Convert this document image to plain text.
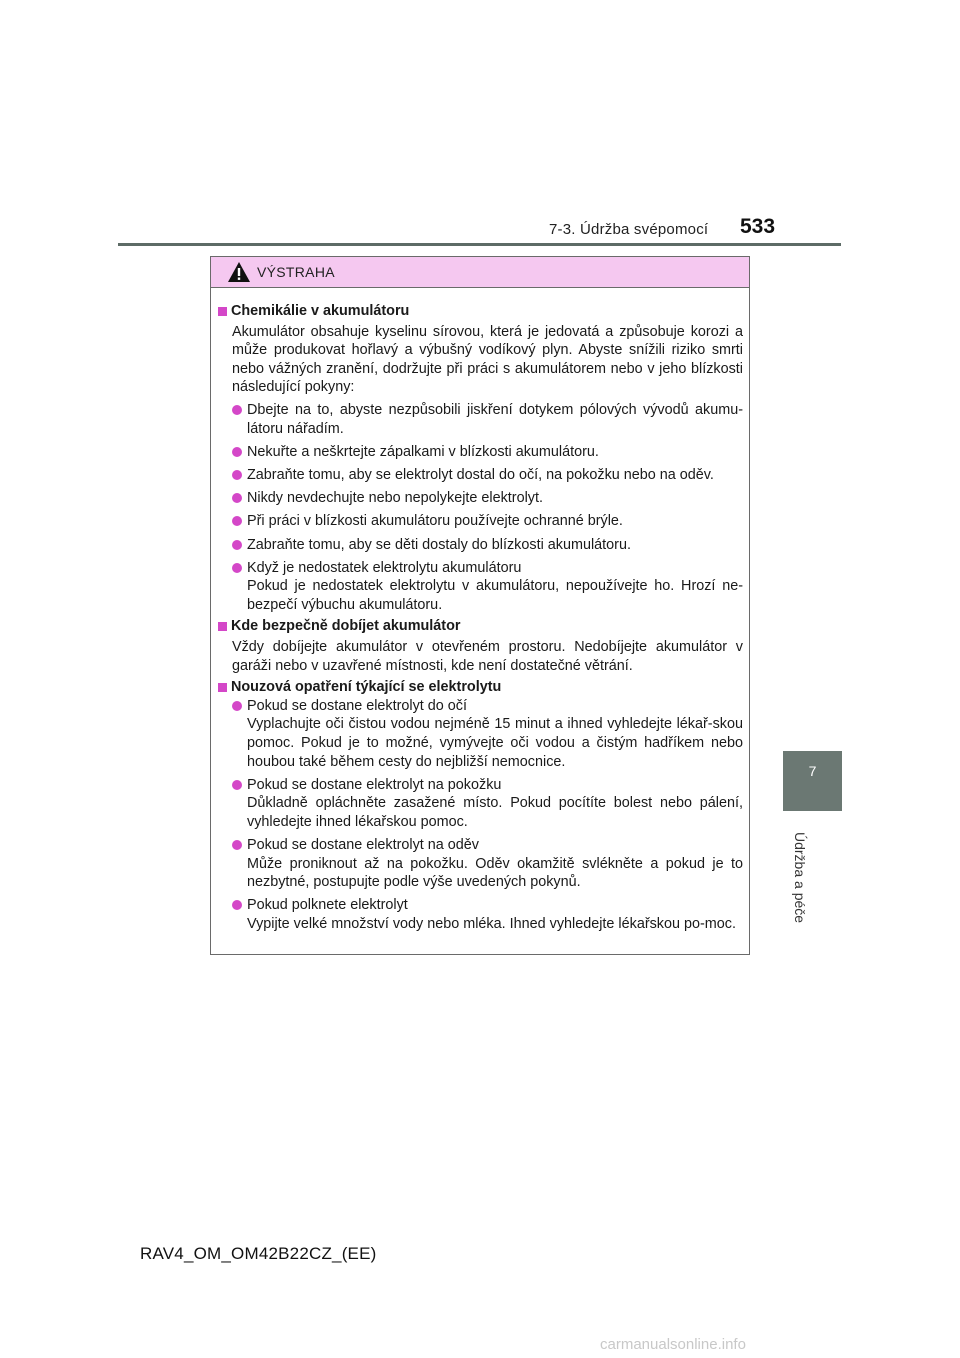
7-3. Údržba svépomocí 533
7
Údržba a péče
VÝSTRAHA
Chemikálie v akumulátoru
Akumulátor obsahuje kyselinu sírovou, která je jedovatá a způsobuje korozi a může produkovat hořlavý a výbušný vodíkový plyn. Abyste snížili riziko smrti nebo vážných zranění, dodržujte při práci s akumulátorem nebo v jeho blízkosti následující pokyny:
Dbejte na to, abyste nezpůsobili jiskření dotykem pólových vývodů akumu-látoru nářadím.
Nekuřte a neškrtejte zápalkami v blízkosti akumulátoru.
Zabraňte tomu, aby se elektrolyt dostal do očí, na pokožku nebo na oděv.
Nikdy nevdechujte nebo nepolykejte elektrolyt.
Při práci v blízkosti akumulátoru používejte ochranné brýle.
Zabraňte tomu, aby se děti dostaly do blízkosti akumulátoru.
Když je nedostatek elektrolytu akumulátoru
Pokud je nedostatek elektrolytu v akumulátoru, nepoužívejte ho. Hrozí ne-bezpečí výbuchu akumulátoru.
Kde bezpečně dobíjet akumulátor
Vždy dobíjejte akumulátor v otevřeném prostoru. Nedobíjejte akumulátor v garáži nebo v uzavřené místnosti, kde není dostatečné větrání.
Nouzová opatření týkající se elektrolytu
Pokud se dostane elektrolyt do očí
Vyplachujte oči čistou vodou nejméně 15 minut a ihned vyhledejte lékař-skou pomoc. Pokud je to možné, vymývejte oči vodou a čistým hadříkem nebo houbou také během cesty do nejbližší nemocnice.
Pokud se dostane elektrolyt na pokožku
Důkladně opláchněte zasažené místo. Pokud pocítíte bolest nebo pálení, vyhledejte ihned lékařskou pomoc.
Pokud se dostane elektrolyt na oděv
Může proniknout až na pokožku. Oděv okamžitě svlékněte a pokud je to nezbytné, postupujte podle výše uvedených pokynů.
Pokud polknete elektrolyt
Vypijte velké množství vody nebo mléka. Ihned vyhledejte lékařskou po-moc.
RAV4_OM_OM42B22CZ_(EE)
carmanualsonline.info
